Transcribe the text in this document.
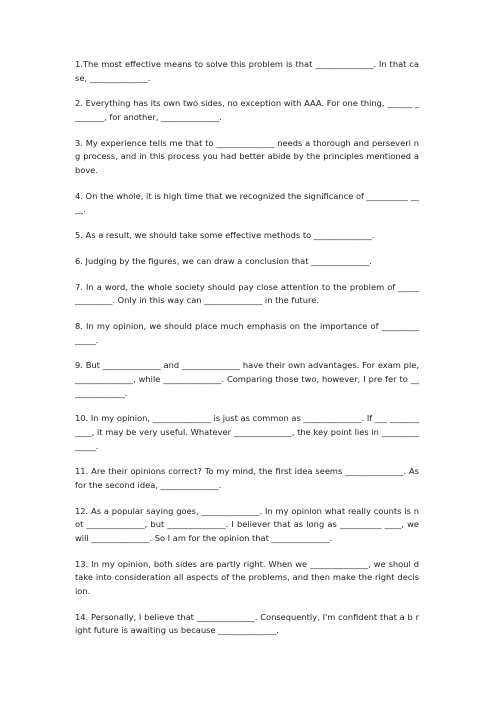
1.The most effective means to solve this problem is that ______________. In that case, ______________.

2. Everything has its own two sides, no exception with AAA. For one thing, ______ ________, for another, ______________.

3. My experience tells me that to ______________ needs a thorough and perseveri ng process, and in this process you had better abide by the principles mentioned a bove.

4. On the whole, it is high time that we recognized the significance of __________ ____.

5. As a result, we should take some effective methods to ______________.

6. Judging by the figures, we can draw a conclusion that ______________.

7. In a word, the whole society should pay close attention to the problem of _____ _________. Only in this way can ______________ in the future.

8. In my opinion, we should place much emphasis on the importance of _________ _____.

9. But ______________ and ______________ have their own advantages. For exam ple, ______________, while ______________. Comparing those two, however, I pre fer to ______________.

10. In my opinion, ______________ is just as common as ______________. If ___ ___________, it may be very useful. Whatever ______________, the key point lies in ______________.

11. Are their opinions correct? To my mind, the first idea seems ______________. As for the second idea, ______________.

12. As a popular saying goes, ______________. In my opinion what really counts is not ______________, but ______________. I believer that as long as __________ ____, we will ______________. So I am for the opinion that ______________.

13. In my opinion, both sides are partly right. When we ______________, we shoul d take into consideration all aspects of the problems, and then make the right decis ion.

14. Personally, I believe that ______________. Consequently, I'm confident that a b right future is awaiting us because ______________.
